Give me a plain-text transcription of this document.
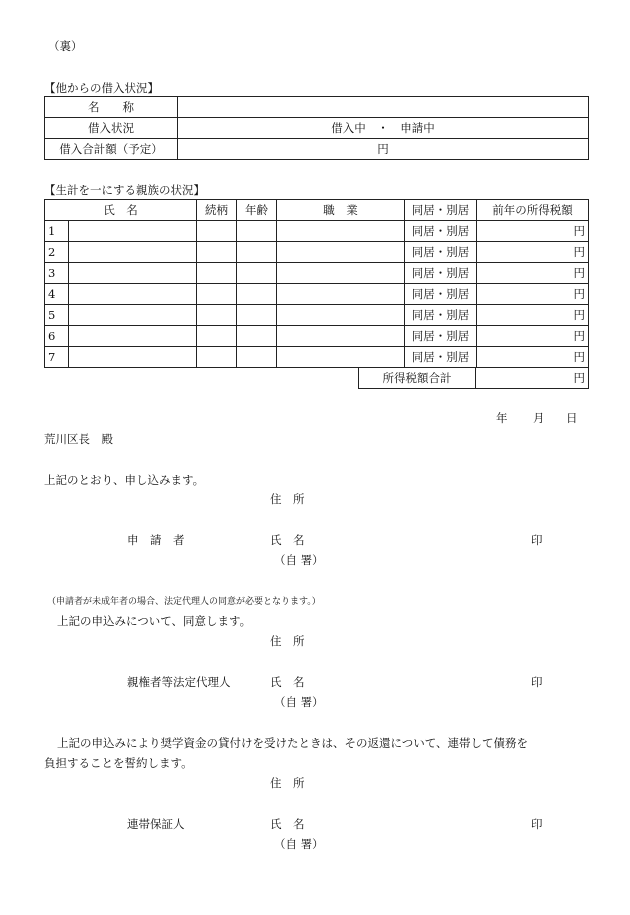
（裏）
【他からの借入状況】
名　　称	
借入状況	借入中　・　申請中
借入合計額（予定）	円
【生計を一にする親族の状況】
氏　名		続柄	年齢	職　業	同居・別居	前年の所得税額
1					同居・別居	円
2					同居・別居	円
3					同居・別居	円
4					同居・別居	円
5					同居・別居	円
6					同居・別居	円
7					同居・別居	円
所得税額合計	円
年 月 日
荒川区長　殿
上記のとおり、申し込みます。
住　所
申　請　者	氏　名	印
（自 署）
（申請者が未成年者の場合、法定代理人の同意が必要となります。）
上記の申込みについて、同意します。
住　所
親権者等法定代理人	氏　名	印
（自 署）
上記の申込みにより奨学資金の貸付けを受けたときは、その返還について、連帯して債務を
負担することを誓約します。
住　所
連帯保証人	氏　名	印
（自 署）
